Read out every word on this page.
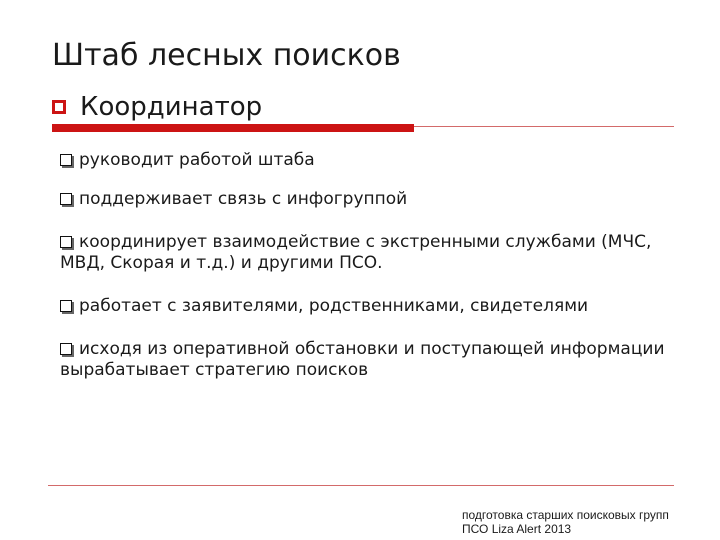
Штаб лесных поисков
Координатор
руководит работой штаба
поддерживает связь с инфогруппой
координирует взаимодействие с экстренными службами (МЧС, МВД, Скорая и т.д.) и другими ПСО.
работает с заявителями, родственниками, свидетелями
исходя из оперативной обстановки и поступающей информации вырабатывает стратегию поисков
подготовка старших поисковых групп
ПСО Liza Alert 2013
